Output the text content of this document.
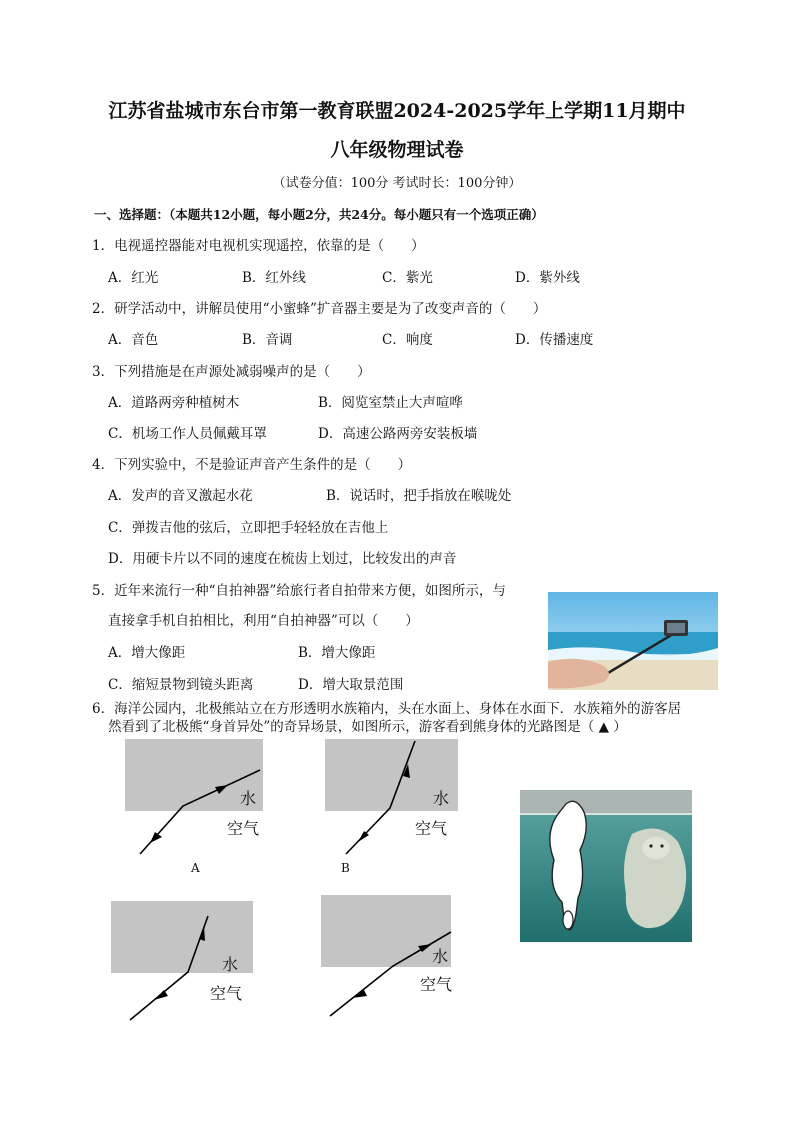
江苏省盐城市东台市第一教育联盟2024-2025学年上学期11月期中
八年级物理试卷
（试卷分值：100分 考试时长：100分钟）
一、选择题：（本题共12小题，每小题2分，共24分。每小题只有一个选项正确）
1．电视遥控器能对电视机实现遥控，依靠的是（　　）
A．红光	B．红外线	C．紫光	D．紫外线
2．研学活动中，讲解员使用“小蜜蜂”扩音器主要是为了改变声音的（　　）
A．音色	B．音调	C．响度	D．传播速度
3．下列措施是在声源处减弱噪声的是（　　）
A．道路两旁种植树木	B．阅览室禁止大声喧哗
C．机场工作人员佩戴耳罩	D．高速公路两旁安装板墙
4．下列实验中，不是验证声音产生条件的是（　　）
A．发声的音叉激起水花	B．说话时，把手指放在喉咙处
C．弹拨吉他的弦后，立即把手轻轻放在吉他上
D．用硬卡片以不同的速度在梳齿上划过，比较发出的声音
5．近年来流行一种“自拍神器”给旅行者自拍带来方便，如图所示，与
直接拿手机自拍相比，利用“自拍神器”可以（　　）
A．增大像距	B．增大像距
C．缩短景物到镜头距离	D．增大取景范围
6．海洋公园内，北极熊站立在方形透明水族箱内，头在水面上、身体在水面下．水族箱外的游客居
然看到了北极熊“身首异处”的奇异场景，如图所示，游客看到熊身体的光路图是（ ▲ ）
水
空气
A
水
空气
B
水
空气
水
空气
